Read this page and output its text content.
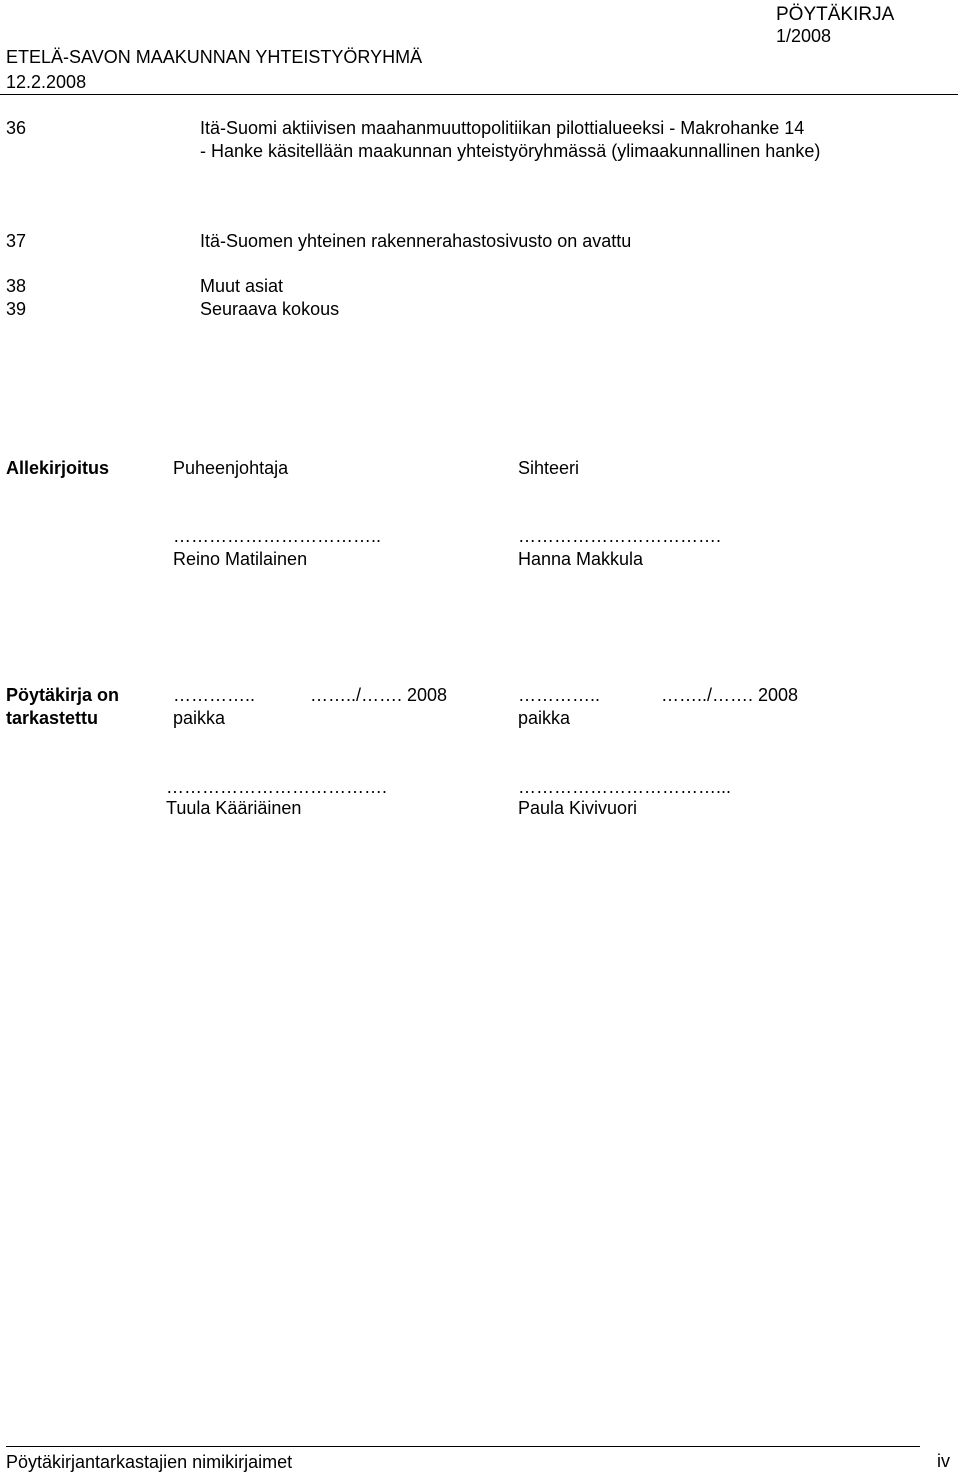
PÖYTÄKIRJA
1/2008
ETELÄ-SAVON MAAKUNNAN YHTEISTYÖRYHMÄ
12.2.2008
36	Itä-Suomi aktiivisen maahanmuuttopolitiikan pilottialueeksi - Makrohanke 14
- Hanke käsitellään maakunnan yhteistyöryhmässä (ylimaakunnallinen hanke)
37	Itä-Suomen yhteinen rakennerahastosivusto on avattu
38	Muut asiat
39	Seuraava kokous
Allekirjoitus	Puheenjohtaja	Sihteeri
……………………………..	…………………………….
Reino Matilainen	Hanna Makkula
Pöytäkirja on
tarkastettu
…………..	……../……. 2008	…………..	……../……. 2008
paikka	paikka
……………………………….	……………………………...
Tuula Kääriäinen	Paula Kivivuori
Pöytäkirjantarkastajien nimikirjaimet	iv
